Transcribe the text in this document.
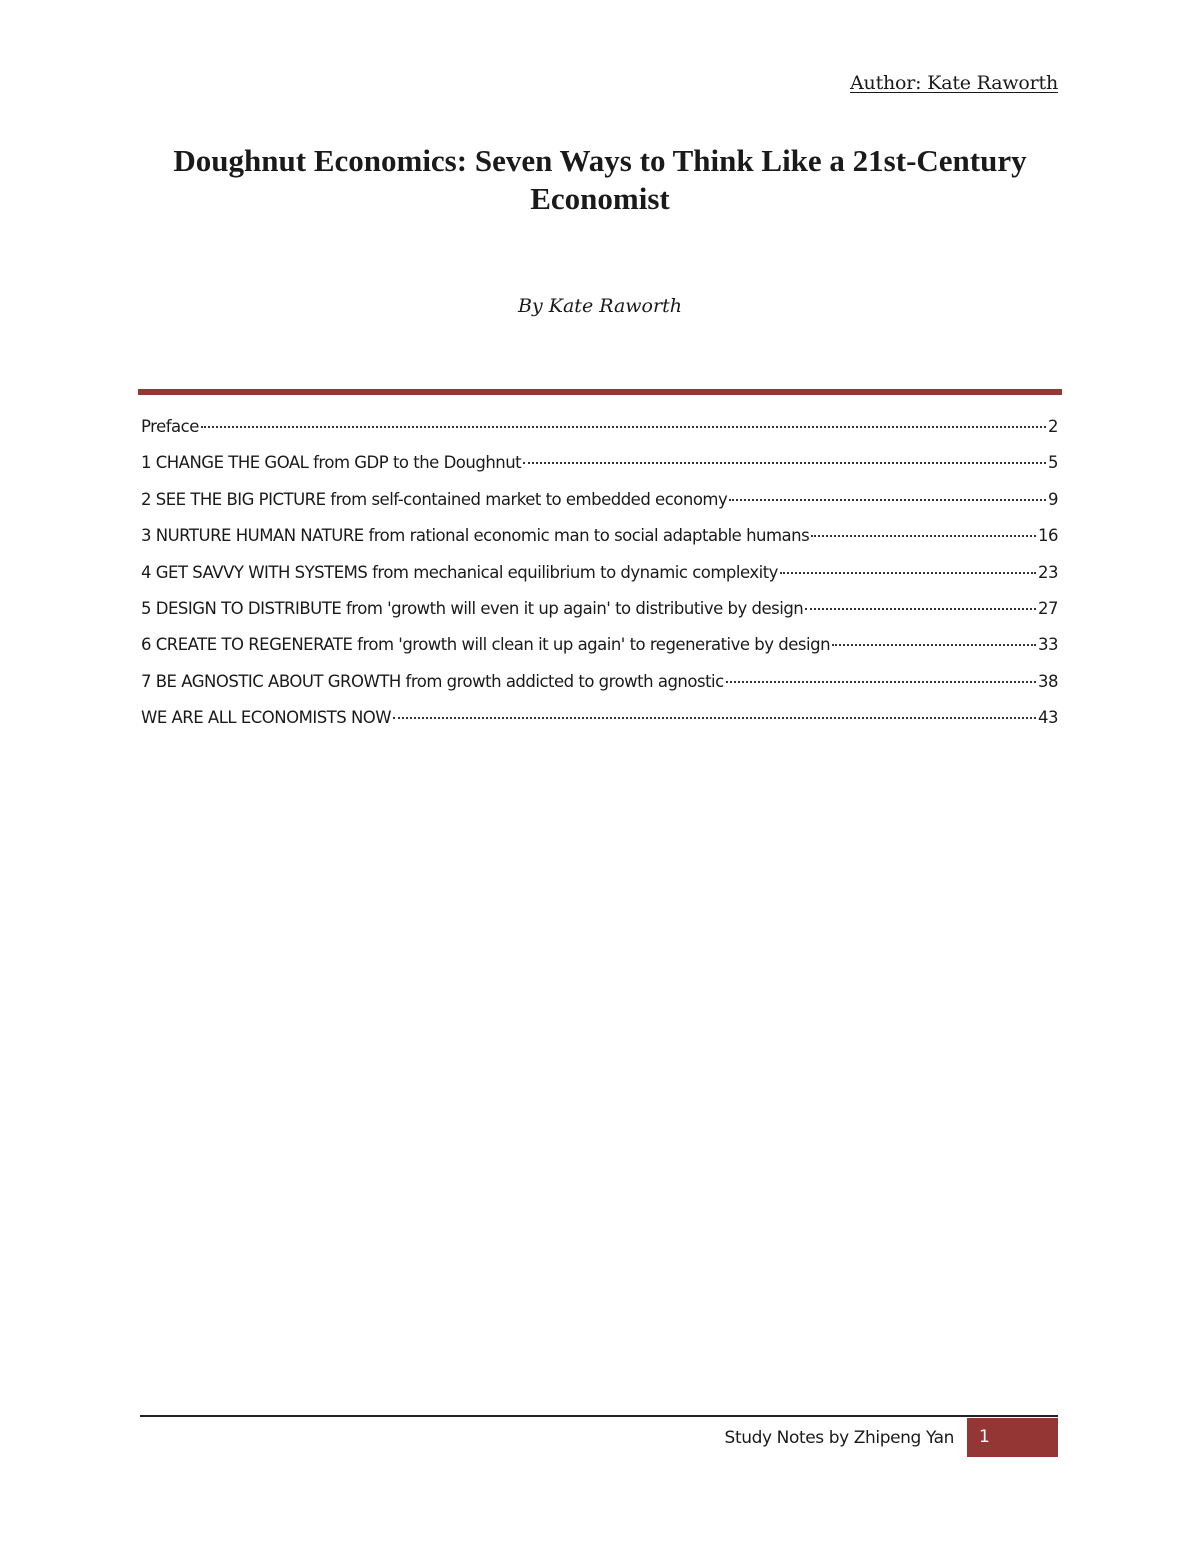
Author: Kate Raworth
Doughnut Economics: Seven Ways to Think Like a 21st-Century Economist
By Kate Raworth
Preface	2
1 CHANGE THE GOAL from GDP to the Doughnut	5
2 SEE THE BIG PICTURE from self-contained market to embedded economy	9
3 NURTURE HUMAN NATURE from rational economic man to social adaptable humans	16
4 GET SAVVY WITH SYSTEMS from mechanical equilibrium to dynamic complexity	23
5 DESIGN TO DISTRIBUTE from 'growth will even it up again' to distributive by design	27
6 CREATE TO REGENERATE from 'growth will clean it up again' to regenerative by design	33
7 BE AGNOSTIC ABOUT GROWTH from growth addicted to growth agnostic	38
WE ARE ALL ECONOMISTS NOW	43
Study Notes by Zhipeng Yan	1
